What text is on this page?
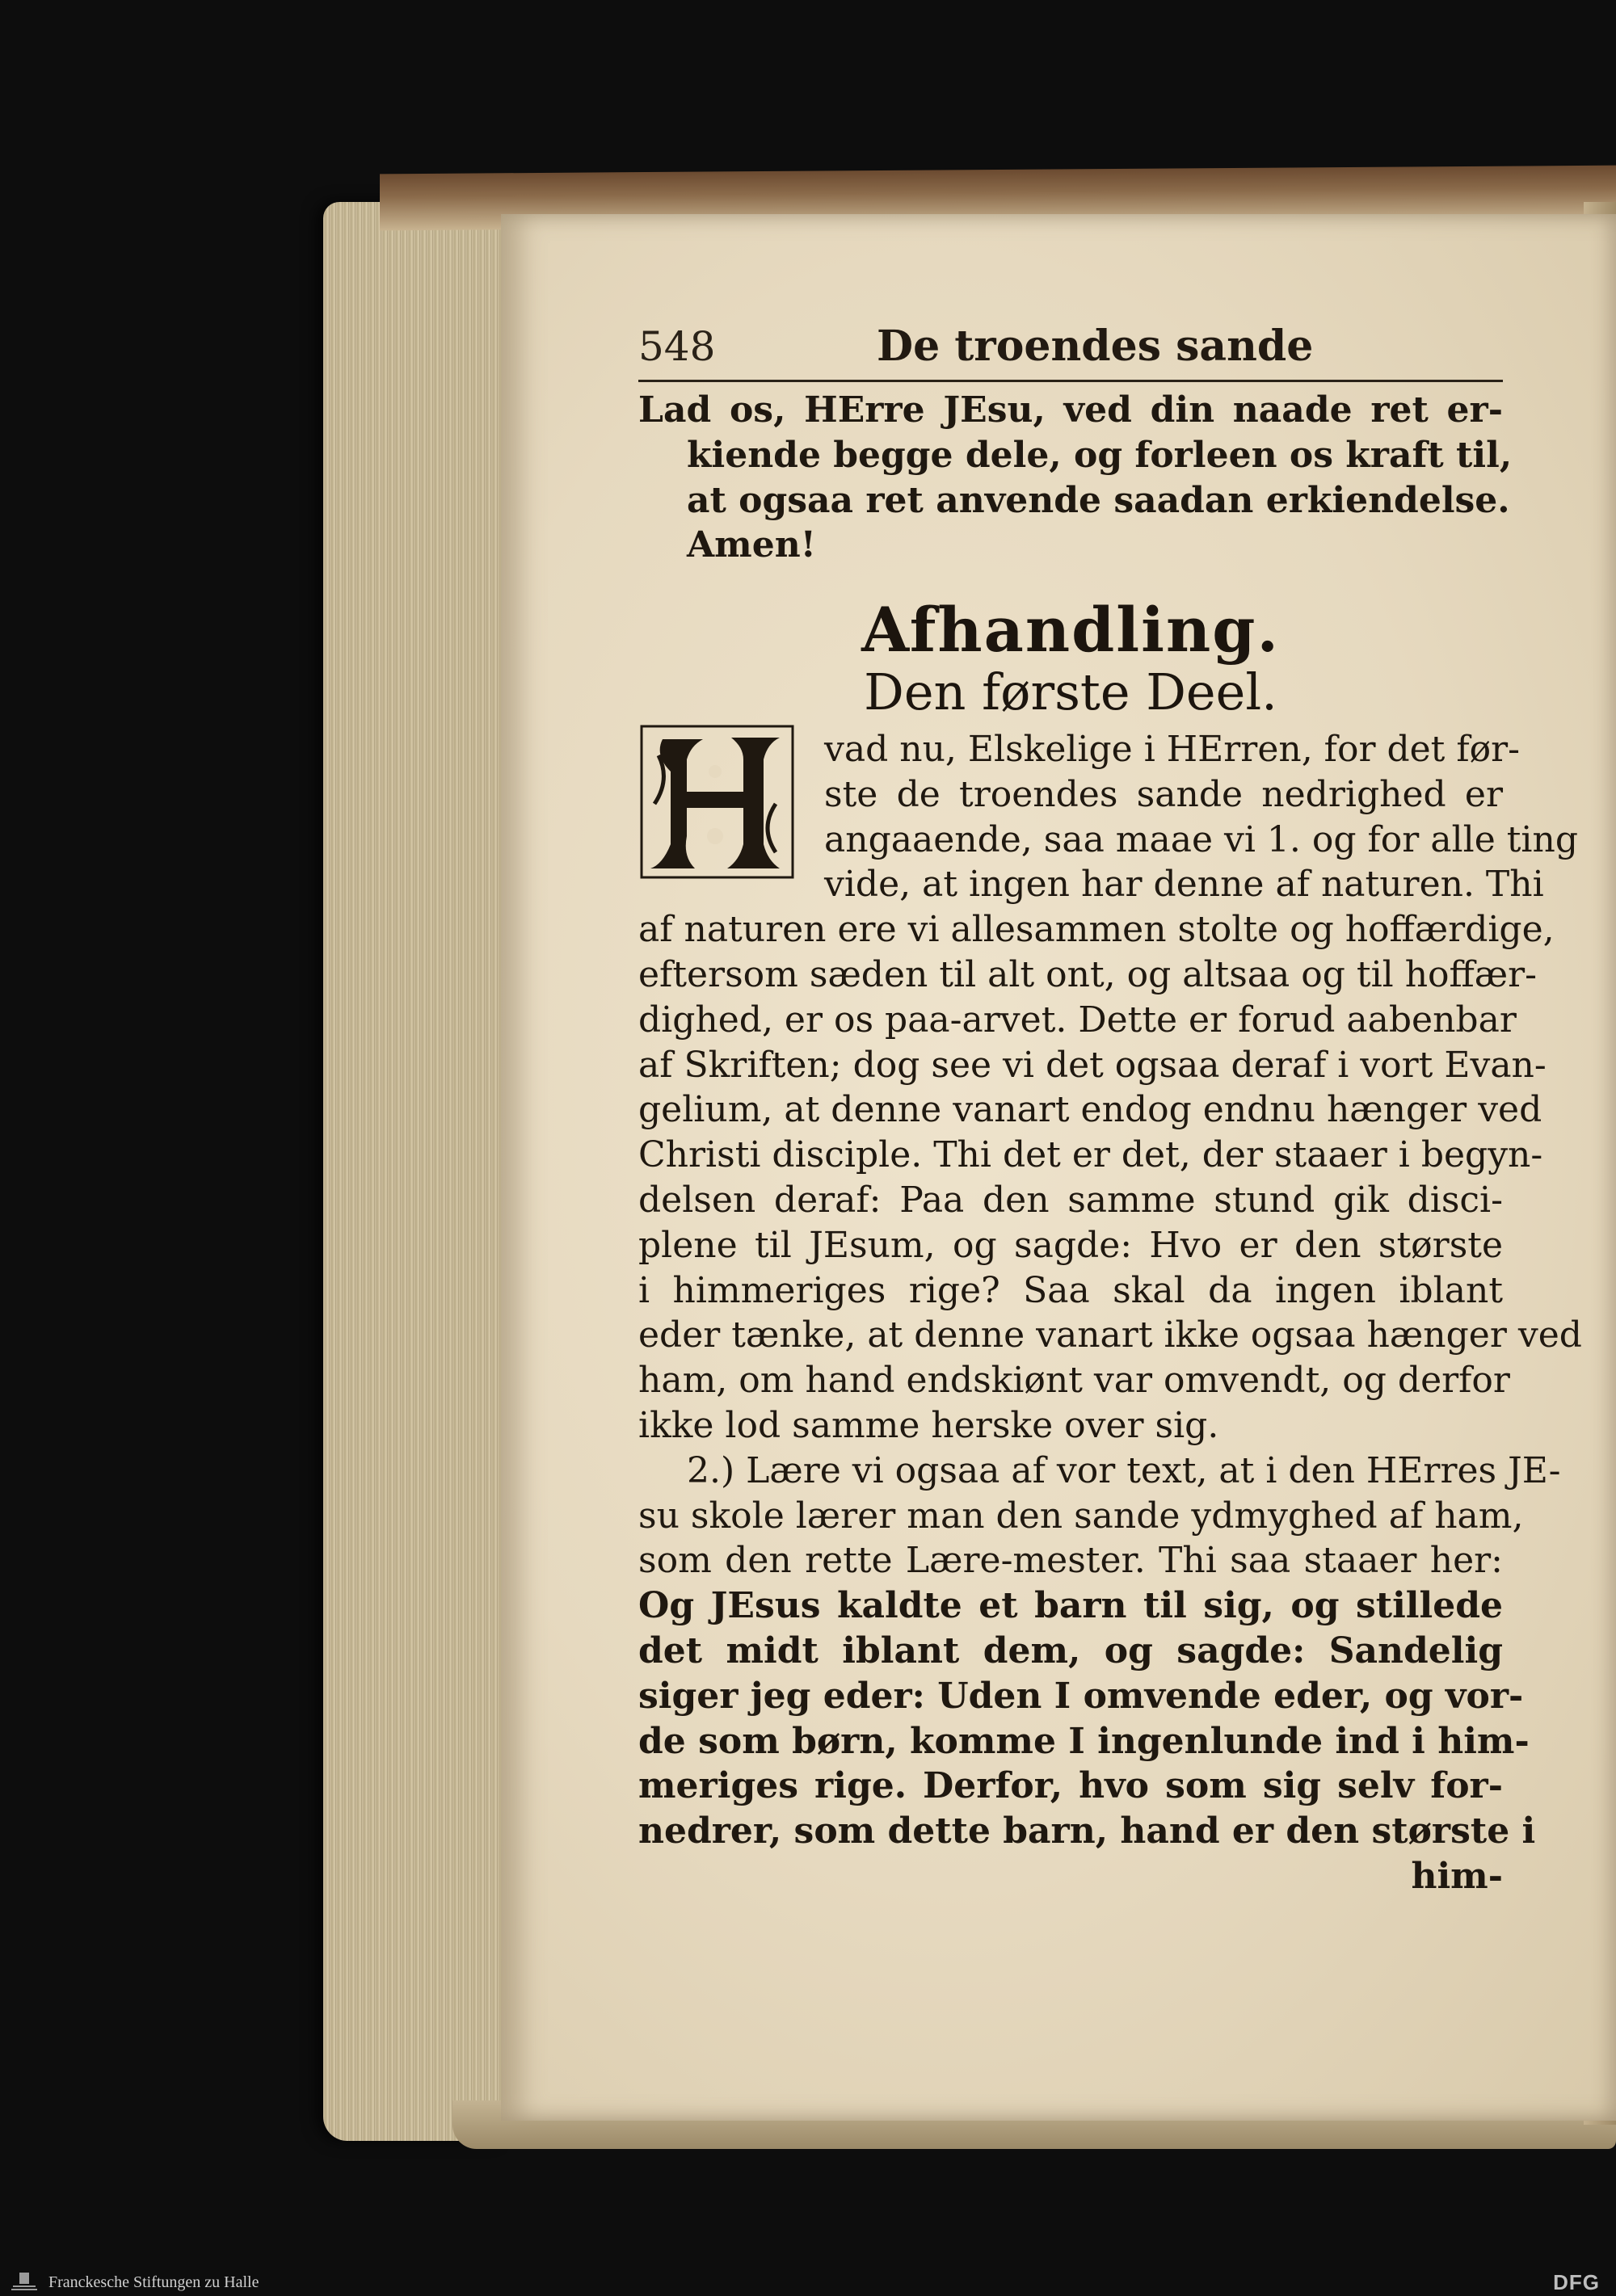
548	De troendes sande
Lad os, HErre JEsu, ved din naade ret er-
kiende begge dele, og forleen os kraft til,
at ogsaa ret anvende saadan erkiendelse.
Amen!
Afhandling.
Den første Deel.
vad nu, Elskelige i HErren, for det før-
ste de troendes sande nedrighed er
angaaende, saa maae vi 1. og for alle ting
vide, at ingen har denne af naturen. Thi
af naturen ere vi allesammen stolte og hoffærdige,
eftersom sæden til alt ont, og altsaa og til hoffær-
dighed, er os paa-arvet. Dette er forud aabenbar
af Skriften; dog see vi det ogsaa deraf i vort Evan-
gelium, at denne vanart endog endnu hænger ved
Christi disciple. Thi det er det, der staaer i begyn-
delsen deraf: Paa den samme stund gik disci-
plene til JEsum, og sagde: Hvo er den største
i himmeriges rige? Saa skal da ingen iblant
eder tænke, at denne vanart ikke ogsaa hænger ved
ham, om hand endskiønt var omvendt, og derfor
ikke lod samme herske over sig.
2.) Lære vi ogsaa af vor text, at i den HErres JE-
su skole lærer man den sande ydmyghed af ham,
som den rette Lære-mester. Thi saa staaer her:
Og JEsus kaldte et barn til sig, og stillede
det midt iblant dem, og sagde: Sandelig
siger jeg eder: Uden I omvende eder, og vor-
de som børn, komme I ingenlunde ind i him-
meriges rige. Derfor, hvo som sig selv for-
nedrer, som dette barn, hand er den største i
him-
Franckesche Stiftungen zu Halle	DFG
